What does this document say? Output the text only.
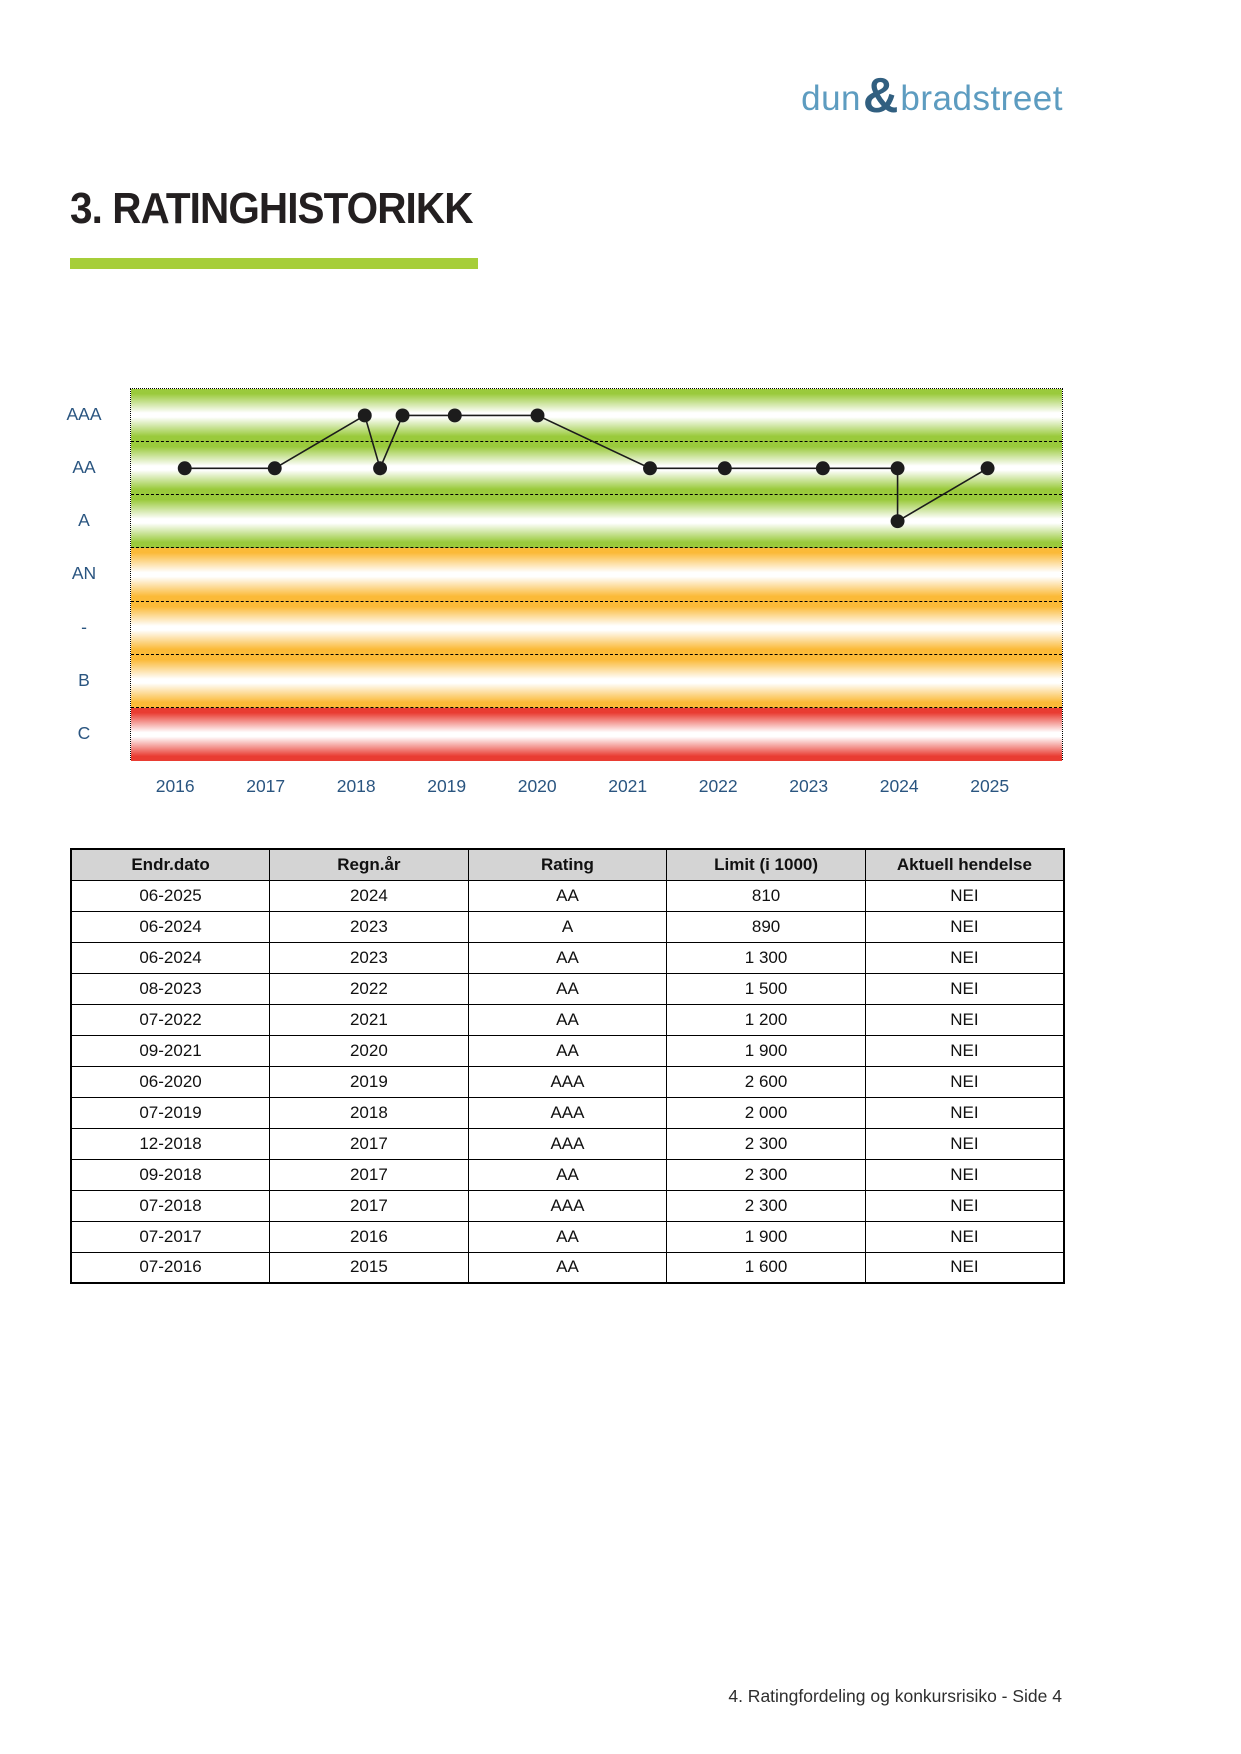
dun & bradstreet
3. RATINGHISTORIKK
AAA
AA
A
AN
-
B
C
2016	2017	2018	2019	2020	2021	2022	2023	2024	2025
Endr.dato	Regn.år	Rating	Limit (i 1000)	Aktuell hendelse
06-2025	2024	AA	810	NEI
06-2024	2023	A	890	NEI
06-2024	2023	AA	1 300	NEI
08-2023	2022	AA	1 500	NEI
07-2022	2021	AA	1 200	NEI
09-2021	2020	AA	1 900	NEI
06-2020	2019	AAA	2 600	NEI
07-2019	2018	AAA	2 000	NEI
12-2018	2017	AAA	2 300	NEI
09-2018	2017	AA	2 300	NEI
07-2018	2017	AAA	2 300	NEI
07-2017	2016	AA	1 900	NEI
07-2016	2015	AA	1 600	NEI
4. Ratingfordeling og konkursrisiko - Side 4
